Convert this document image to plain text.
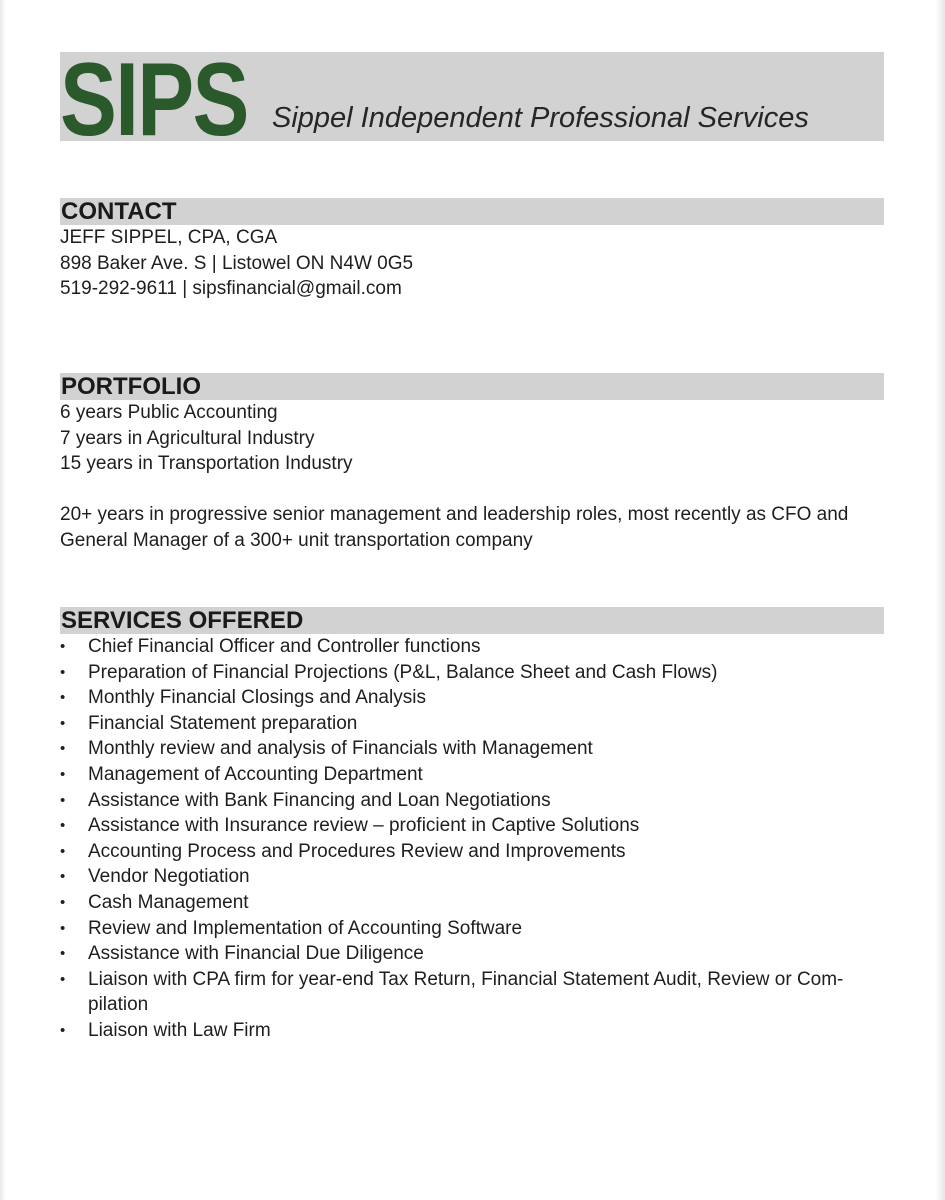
SIPS Sippel Independent Professional Services
CONTACT

JEFF SIPPEL, CPA, CGA

898 Baker Ave. S | Listowel ON N4W 0G5

519-292-9611 | sipsfinancial@gmail.com

PORTFOLIO

6 years Public Accounting

7 years in Agricultural Industry

15 years in Transportation Industry

20+ years in progressive senior management and leadership roles, most recently as CFO and General Manager of a 300+ unit transportation company

SERVICES OFFERED
• Chief Financial Officer and Controller functions
• Preparation of Financial Projections (P&L, Balance Sheet and Cash Flows)
• Monthly Financial Closings and Analysis
• Financial Statement preparation
• Monthly review and analysis of Financials with Management
• Management of Accounting Department
• Assistance with Bank Financing and Loan Negotiations
• Assistance with Insurance review – proficient in Captive Solutions
• Accounting Process and Procedures Review and Improvements
• Vendor Negotiation
• Cash Management
• Review and Implementation of Accounting Software
• Assistance with Financial Due Diligence
• Liaison with CPA firm for year-end Tax Return, Financial Statement Audit, Review or Com-pilation
• Liaison with Law Firm
